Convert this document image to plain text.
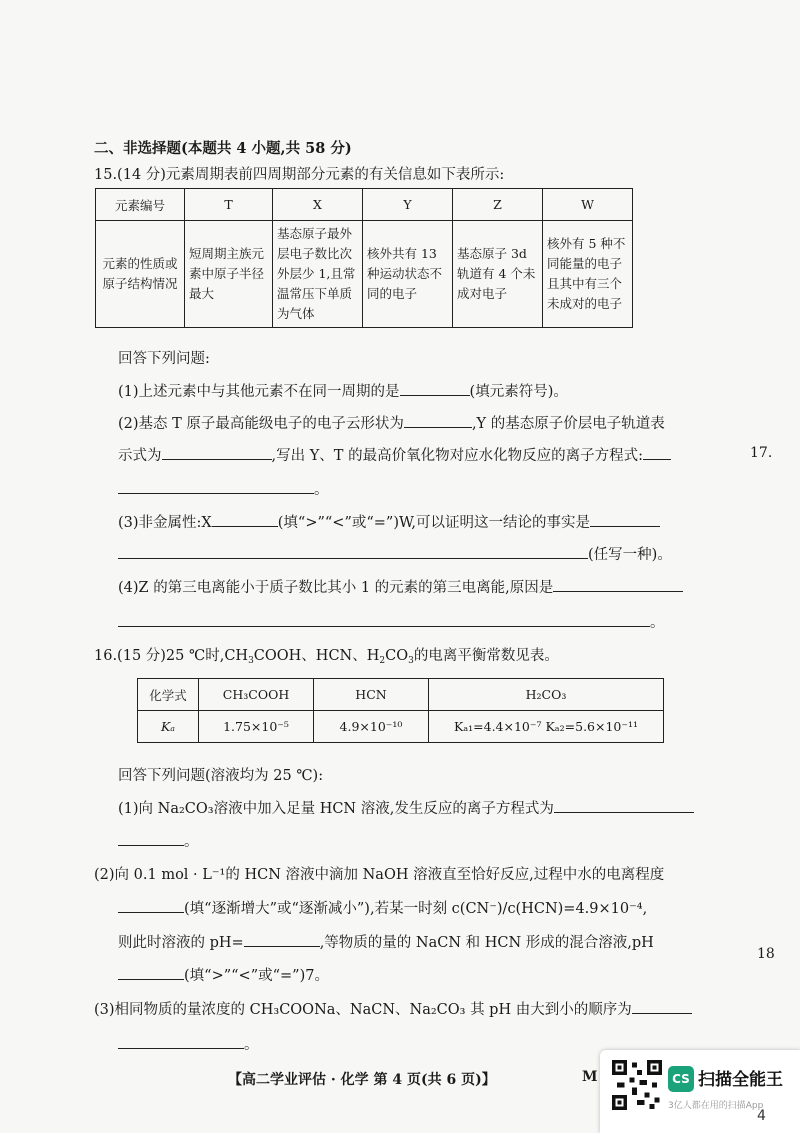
二、非选择题(本题共 4 小题,共 58 分)
15.(14 分)元素周期表前四周期部分元素的有关信息如下表所示:
元素编号	T	X	Y	Z	W
元素的性质或原子结构情况	短周期主族元素中原子半径最大	基态原子最外层电子数比次外层少 1,且常温常压下单质为气体	核外共有 13 种运动状态不同的电子	基态原子 3d 轨道有 4 个未成对电子	核外有 5 种不同能量的电子且其中有三个未成对的电子
回答下列问题:
(1)上述元素中与其他元素不在同一周期的是	(填元素符号)。
(2)基态 T 原子最高能级电子的电子云形状为	,Y 的基态原子价层电子轨道表
示式为	,写出 Y、T 的最高价氧化物对应水化物反应的离子方程式:
。
(3)非金属性:X	(填“>”“<”或“=”)W,可以证明这一结论的事实是
(任写一种)。
(4)Z 的第三电离能小于质子数比其小 1 的元素的第三电离能,原因是
。
16.(15 分)25 ℃时$,CH_3COOH$、HCN、$H_2CO_3$的电离平衡常数见表。
化学式	CH₃COOH	HCN	H₂CO₃
Kₐ	1.75×10⁻⁵	4.9×10⁻¹⁰	Kₐ₁=4.4×10⁻⁷ Kₐ₂=5.6×10⁻¹¹
回答下列问题(溶液均为 25 ℃):
(1)向 Na₂CO₃溶液中加入足量 HCN 溶液,发生反应的离子方程式为
。
(2)向 0.1 mol · L⁻¹的 HCN 溶液中滴加 NaOH 溶液直至恰好反应,过程中水的电离程度
(填“逐渐增大”或“逐渐减小”),若某一时刻 c(CN⁻)/c(HCN)=4.9×10⁻⁴,
则此时溶液的 pH=	,等物质的量的 NaCN 和 HCN 形成的混合溶液,pH
(填“>”“<”或“=”)7。
(3)相同物质的量浓度的 CH₃COONa、NaCN、Na₂CO₃ 其 pH 由大到小的顺序为
。
17.
18
【高二学业评估 · 化学 第 4 页(共 6 页)】	M	CS 扫描全能王
3亿人都在用的扫描App
4
